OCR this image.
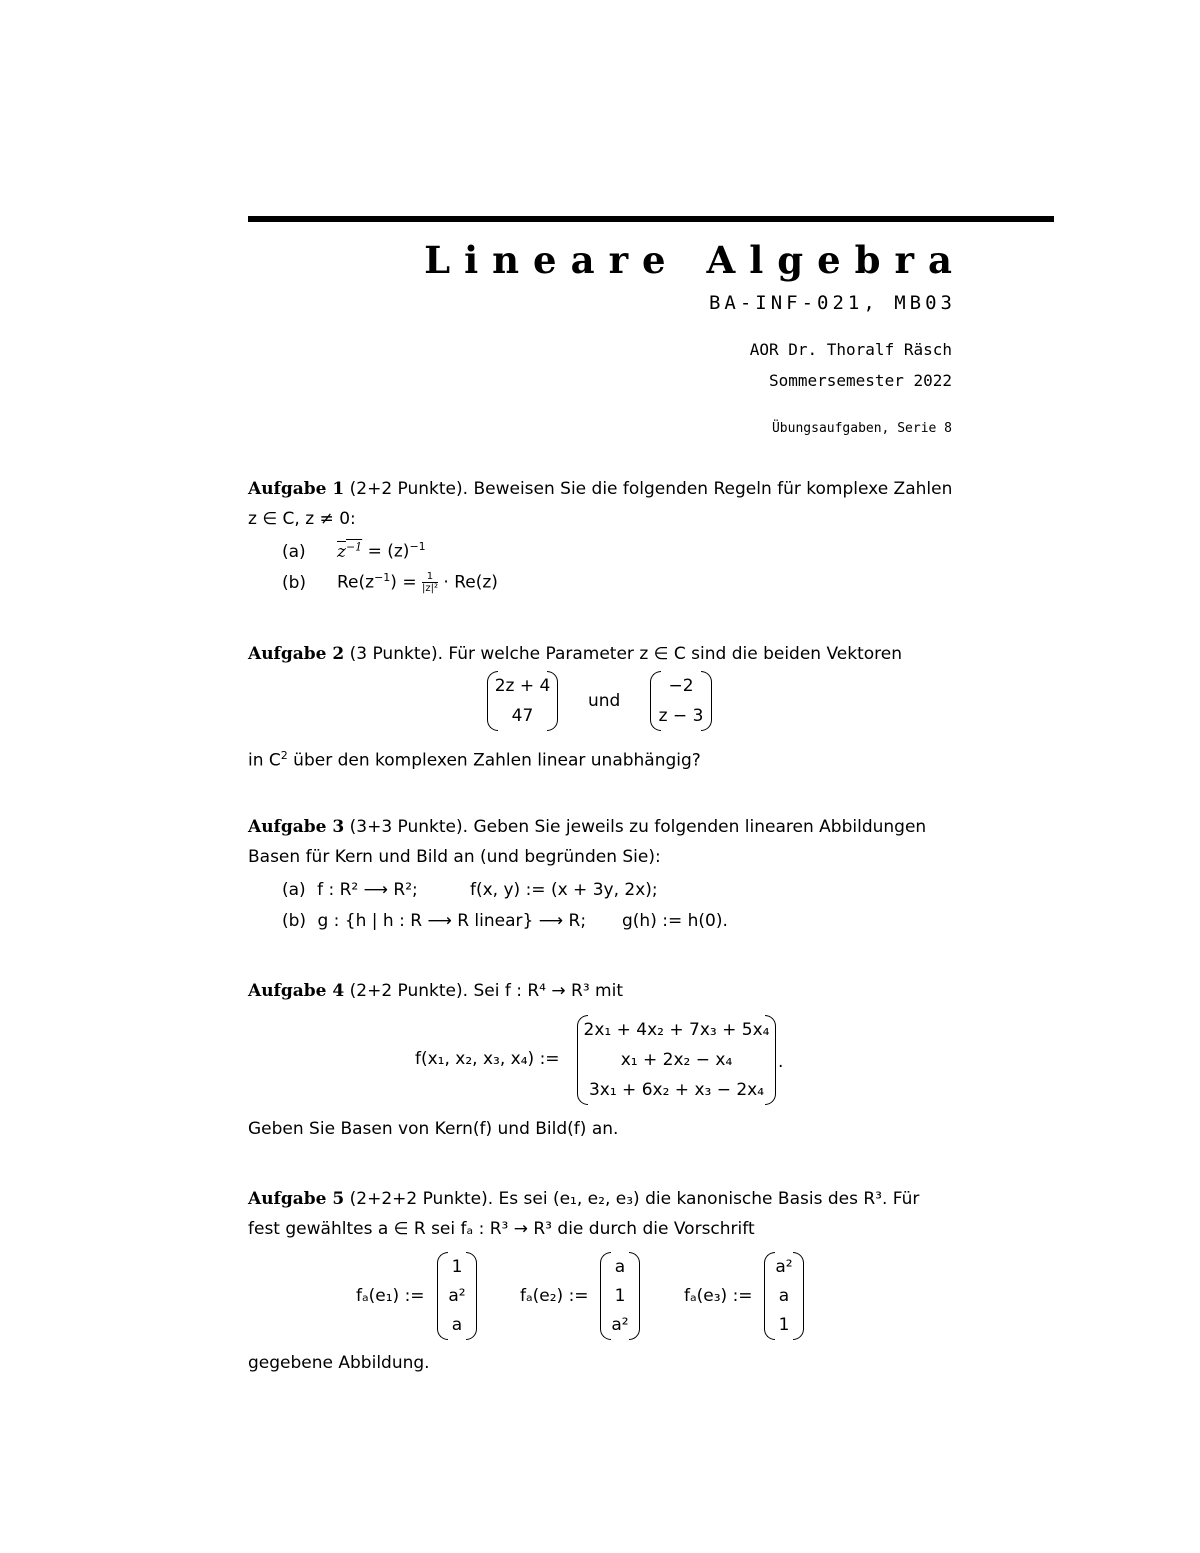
Lineare Algebra
BA-INF-021, MB03
AOR Dr. Thoralf Räsch
Sommersemester 2022
Übungsaufgaben, Serie 8
Aufgabe 1 (2+2 Punkte). Beweisen Sie die folgenden Regeln für komplexe Zahlen
z ∈ C, z ≠ 0:
(a) $z^{-1} = (z)^{-1}$
(b) $Re(z^{-1}) = \frac{1}{\text{|z|²}} \cdot Re(z)$
Aufgabe 2 (3 Punkte). Für welche Parameter z ∈ C sind die beiden Vektoren
2z + 4
47
und
−2
z − 3
in $C^2$ über den komplexen Zahlen linear unabhängig?
Aufgabe 3 (3+3 Punkte). Geben Sie jeweils zu folgenden linearen Abbildungen
Basen für Kern und Bild an (und begründen Sie):
(a) f : R² ⟶ R²;	f(x, y) := (x + 3y, 2x);
(b) g : {h | h : R ⟶ R linear} ⟶ R; g(h) := h(0).
Aufgabe 4 (2+2 Punkte). Sei f : R⁴ → R³ mit
f(x₁, x₂, x₃, x₄) :=
2x₁ + 4x₂ + 7x₃ + 5x₄
x₁ + 2x₂ − x₄
3x₁ + 6x₂ + x₃ − 2x₄
.
Geben Sie Basen von Kern(f) und Bild(f) an.
Aufgabe 5 (2+2+2 Punkte). Es sei (e₁, e₂, e₃) die kanonische Basis des R³. Für
fest gewähltes a ∈ R sei fₐ : R³ → R³ die durch die Vorschrift
fₐ(e₁) :=
1
a²
a
fₐ(e₂) :=
a
1
a²
fₐ(e₃) :=
a²
a
1
gegebene Abbildung.
